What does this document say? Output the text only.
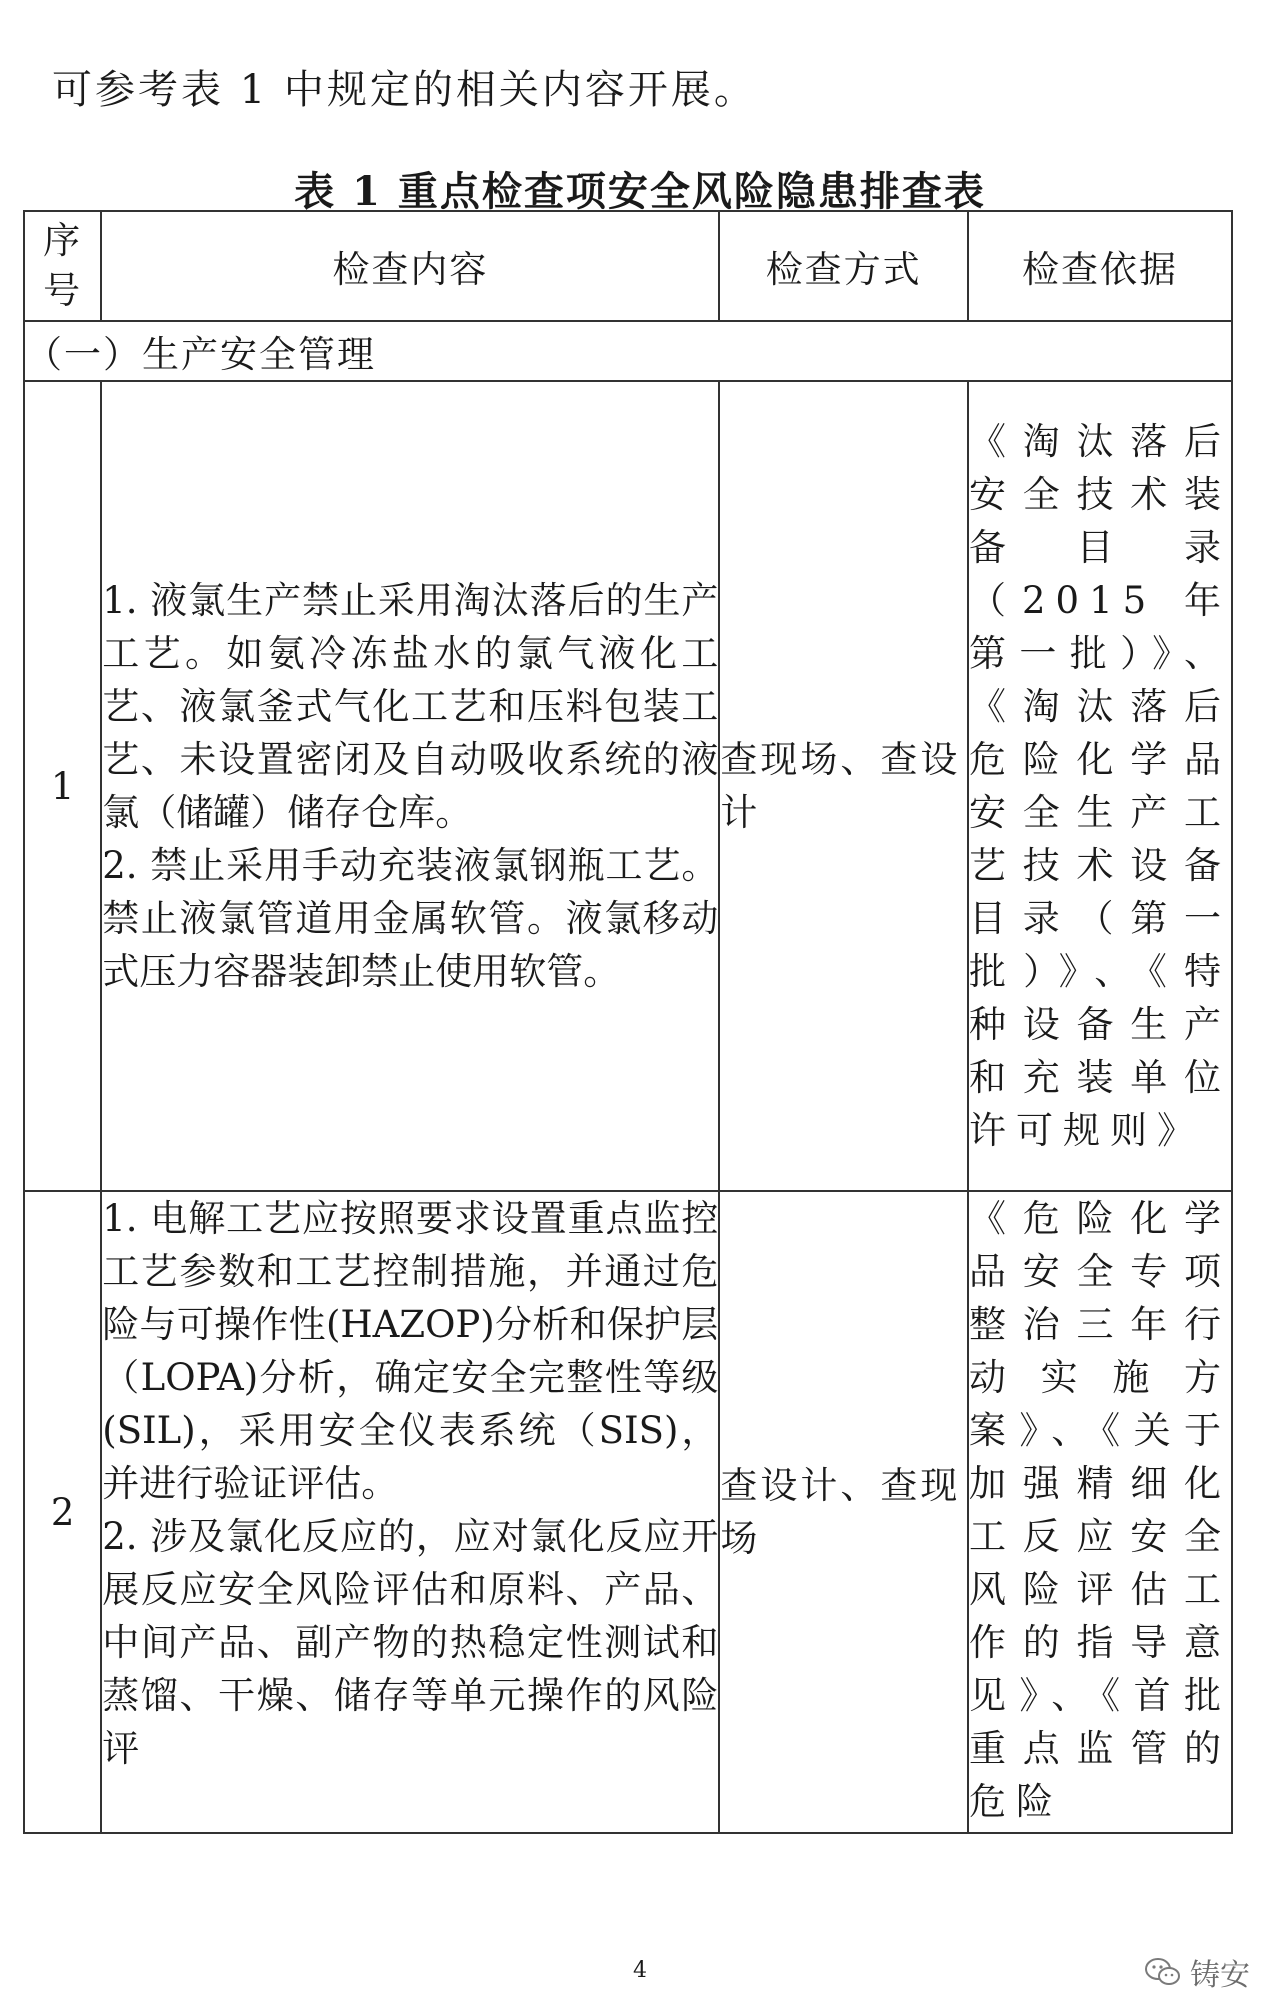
可参考表 1 中规定的相关内容开展。
表 1 重点检查项安全风险隐患排查表
序号	检查内容	检查方式	检查依据
（一）生产安全管理			
1	1. 液氯生产禁止采用淘汰落后的生产工艺。如氨冷冻盐水的氯气液化工艺、液氯釜式气化工艺和压料包装工艺、未设置密闭及自动吸收系统的液氯（储罐）储存仓库。
2. 禁止采用手动充装液氯钢瓶工艺。禁止液氯管道用金属软管。液氯移动式压力容器装卸禁止使用软管。	查现场、查设计	《淘汰落后安全技术装备目录（2015 年第一批）》、《淘汰落后危险化学品安全生产工艺技术设备目录（第一批）》、《特种设备生产和充装单位许可规则》
2	1. 电解工艺应按照要求设置重点监控工艺参数和工艺控制措施，并通过危险与可操作性(HAZOP)分析和保护层（LOPA)分析，确定安全完整性等级(SIL)，采用安全仪表系统（SIS)，并进行验证评估。
2. 涉及氯化反应的，应对氯化反应开展反应安全风险评估和原料、产品、中间产品、副产物的热稳定性测试和蒸馏、干燥、储存等单元操作的风险评	查设计、查现场	《危险化学品安全专项整治三年行动实施方案》、《关于加强精细化工反应安全风险评估工作的指导意见》、《首批重点监管的危险
4	铸安
